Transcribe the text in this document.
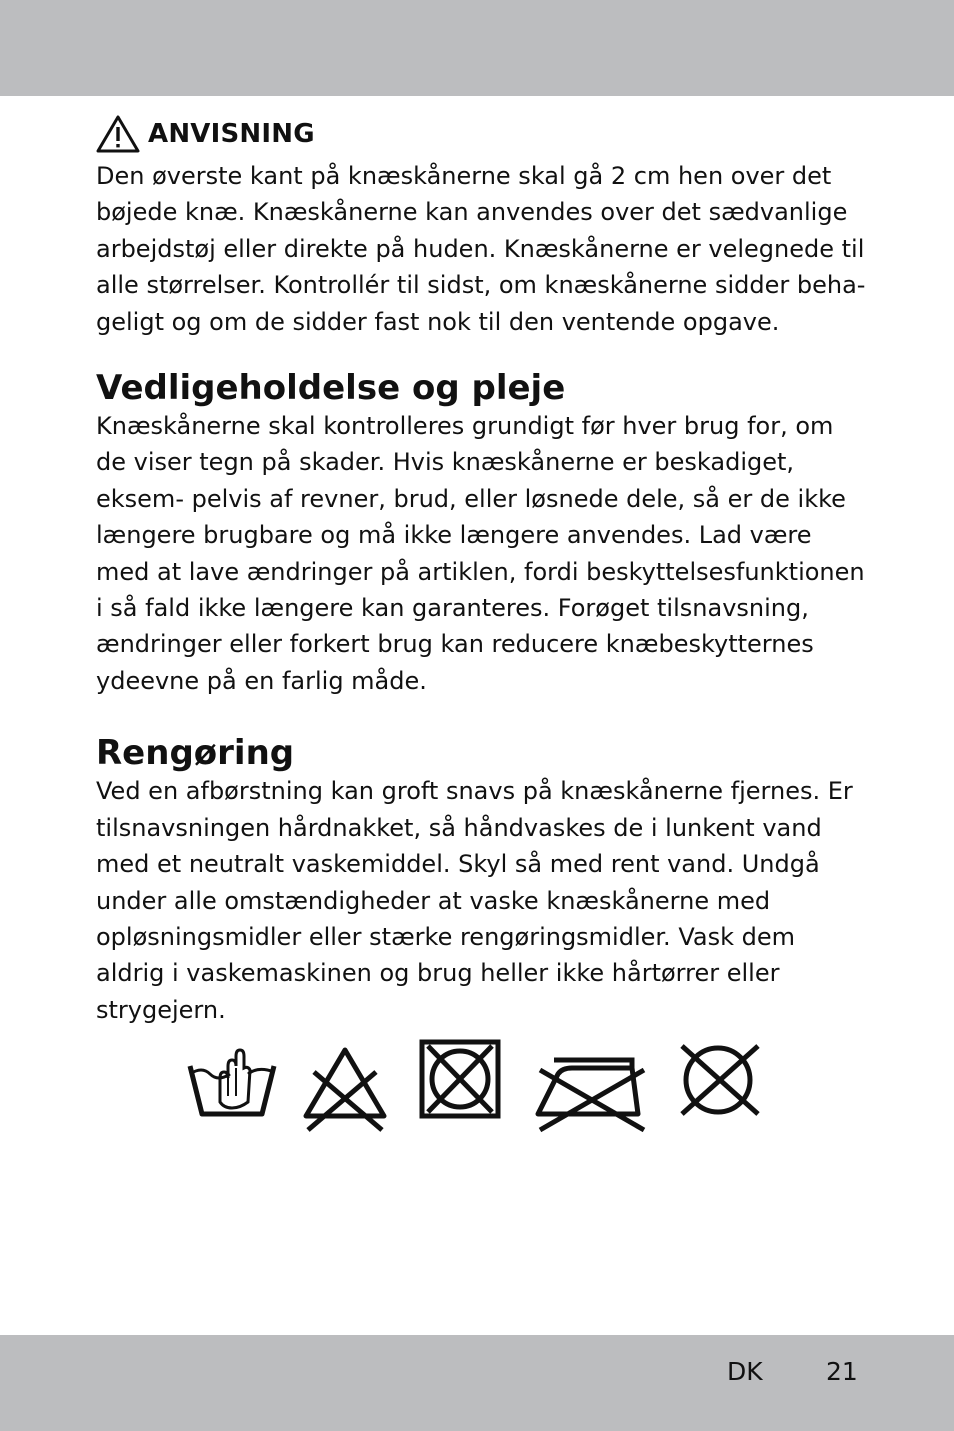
ANVISNING

Den øverste kant på knæskånerne skal gå 2 cm hen over det bøjede knæ. Knæskånerne kan anvendes over det sædvanlige arbejdstøj eller direkte på huden. Knæskånerne er velegnede til alle størrelser. Kontrollér til sidst, om knæskånerne sidder beha- geligt og om de sidder fast nok til den ventende opgave.

Vedligeholdelse og pleje

Knæskånerne skal kontrolleres grundigt før hver brug for, om de viser tegn på skader. Hvis knæskånerne er beskadiget, eksem- pelvis af revner, brud, eller løsnede dele, så er de ikke længere brugbare og må ikke længere anvendes. Lad være med at lave ændringer på artiklen, fordi beskyttelsesfunktionen i så fald ikke længere kan garanteres. Forøget tilsnavsning, ændringer eller forkert brug kan reducere knæbeskytternes ydeevne på en farlig måde.

Rengøring

Ved en afbørstning kan groft snavs på knæskånerne fjernes. Er tilsnavsningen hårdnakket, så håndvaskes de i lunkent vand med et neutralt vaskemiddel. Skyl så med rent vand. Undgå under alle omstændigheder at vaske knæskånerne med opløsningsmidler eller stærke rengøringsmidler. Vask dem aldrig i vaskemaskinen og brug heller ikke hårtørrer eller strygejern.

DK	21
